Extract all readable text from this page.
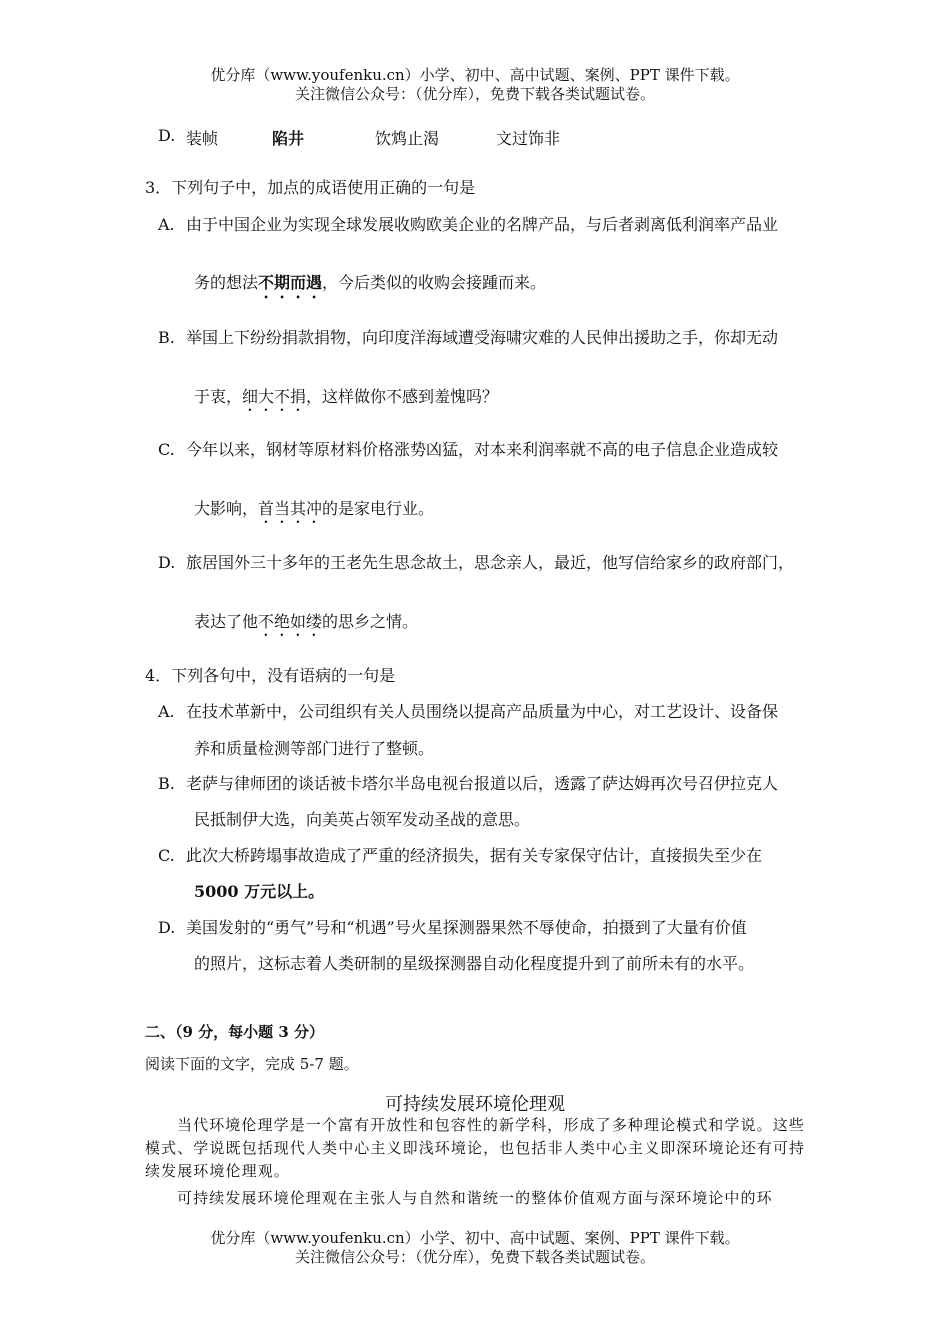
优分库（www.youfenku.cn）小学、初中、高中试题、案例、PPT 课件下载。
关注微信公众号：（优分库），免费下载各类试题试卷。
D. 装帧	陷井	饮鸩止渴	文过饰非
3．下列句子中，加点的成语使用正确的一句是
A. 由于中国企业为实现全球发展收购欧美企业的名牌产品，与后者剥离低利润率产品业
务的想法不期而遇，今后类似的收购会接踵而来。
B. 举国上下纷纷捐款捐物，向印度洋海域遭受海啸灾难的人民伸出援助之手，你却无动
于衷，细大不捐，这样做你不感到羞愧吗？
C. 今年以来，钢材等原材料价格涨势凶猛，对本来利润率就不高的电子信息企业造成较
大影响，首当其冲的是家电行业。
D. 旅居国外三十多年的王老先生思念故土，思念亲人，最近，他写信给家乡的政府部门，
表达了他不绝如缕的思乡之情。
4．下列各句中，没有语病的一句是
A. 在技术革新中，公司组织有关人员围绕以提高产品质量为中心，对工艺设计、设备保
养和质量检测等部门进行了整顿。
B. 老萨与律师团的谈话被卡塔尔半岛电视台报道以后，透露了萨达姆再次号召伊拉克人
民抵制伊大选，向美英占领军发动圣战的意思。
C. 此次大桥跨塌事故造成了严重的经济损失，据有关专家保守估计，直接损失至少在
5000 万元以上。
D. 美国发射的“勇气”号和“机遇”号火星探测器果然不辱使命，拍摄到了大量有价值
的照片，这标志着人类研制的星级探测器自动化程度提升到了前所未有的水平。
二、（9 分，每小题 3 分）
阅读下面的文字，完成 5-7 题。
可持续发展环境伦理观
当代环境伦理学是一个富有开放性和包容性的新学科，形成了多种理论模式和学说。这些模式、学说既包括现代人类中心主义即浅环境论，也包括非人类中心主义即深环境论还有可持续发展环境伦理观。
可持续发展环境伦理观在主张人与自然和谐统一的整体价值观方面与深环境论中的环
优分库（www.youfenku.cn）小学、初中、高中试题、案例、PPT 课件下载。
关注微信公众号：（优分库），免费下载各类试题试卷。
